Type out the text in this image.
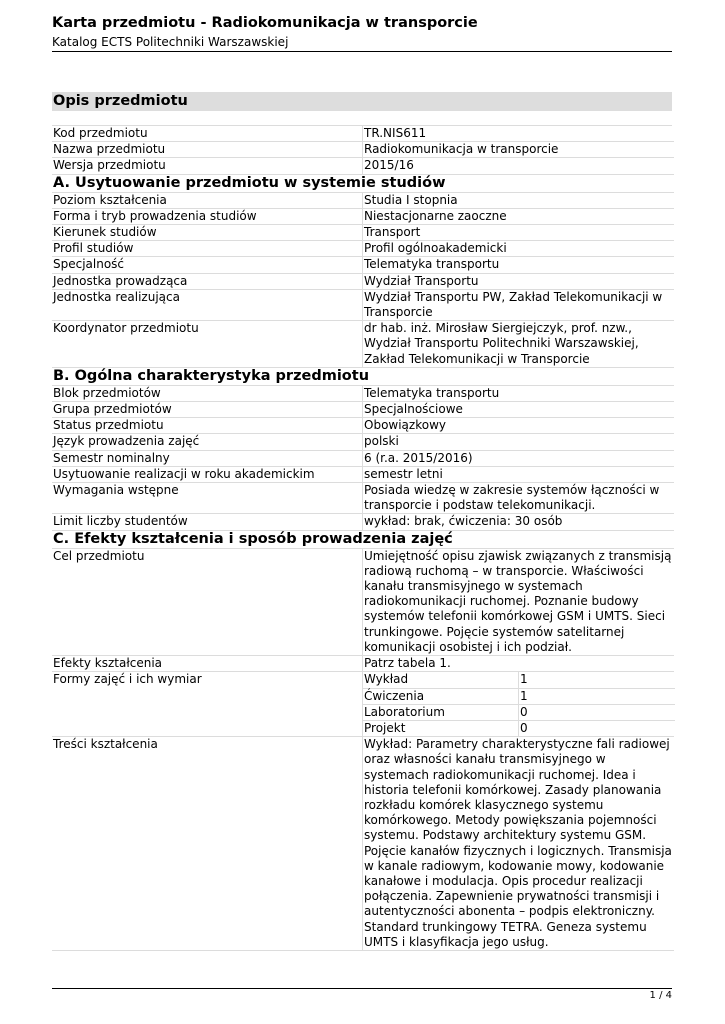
Karta przedmiotu - Radiokomunikacja w transporcie
Katalog ECTS Politechniki Warszawskiej
Opis przedmiotu
Kod przedmiotu	TR.NIS611
Nazwa przedmiotu	Radiokomunikacja w transporcie
Wersja przedmiotu	2015/16
A. Usytuowanie przedmiotu w systemie studiów
Poziom kształcenia	Studia I stopnia
Forma i tryb prowadzenia studiów	Niestacjonarne zaoczne
Kierunek studiów	Transport
Profil studiów	Profil ogólnoakademicki
Specjalność	Telematyka transportu
Jednostka prowadząca	Wydział Transportu
Jednostka realizująca	Wydział Transportu PW, Zakład Telekomunikacji w Transporcie
Koordynator przedmiotu	dr hab. inż. Mirosław Siergiejczyk, prof. nzw., Wydział Transportu Politechniki Warszawskiej, Zakład Telekomunikacji w Transporcie
B. Ogólna charakterystyka przedmiotu
Blok przedmiotów	Telematyka transportu
Grupa przedmiotów	Specjalnościowe
Status przedmiotu	Obowiązkowy
Język prowadzenia zajęć	polski
Semestr nominalny	6 (r.a. 2015/2016)
Usytuowanie realizacji w roku akademickim	semestr letni
Wymagania wstępne	Posiada wiedzę w zakresie systemów łączności w transporcie i podstaw telekomunikacji.
Limit liczby studentów	wykład: brak, ćwiczenia: 30 osób
C. Efekty kształcenia i sposób prowadzenia zajęć
Cel przedmiotu	Umiejętność opisu zjawisk związanych z transmisją radiową ruchomą – w transporcie. Właściwości kanału transmisyjnego w systemach radiokomunikacji ruchomej. Poznanie budowy systemów telefonii komórkowej GSM i UMTS. Sieci trunkingowe. Pojęcie systemów satelitarnej komunikacji osobistej i ich podział.
Efekty kształcenia	Patrz tabela 1.
Formy zajęć i ich wymiar		Wykład	1
Ćwiczenia	1
Laboratorium	0
Projekt	0

Treści kształcenia	Wykład: Parametry charakterystyczne fali radiowej oraz własności kanału transmisyjnego w systemach radiokomunikacji ruchomej. Idea i historia telefonii komórkowej. Zasady planowania rozkładu komórek klasycznego systemu komórkowego. Metody powiększania pojemności systemu. Podstawy architektury systemu GSM. Pojęcie kanałów fizycznych i logicznych. Transmisja w kanale radiowym, kodowanie mowy, kodowanie kanałowe i modulacja. Opis procedur realizacji połączenia. Zapewnienie prywatności transmisji i autentyczności abonenta – podpis elektroniczny. Standard trunkingowy TETRA. Geneza systemu UMTS i klasyfikacja jego usług.
1 / 4
